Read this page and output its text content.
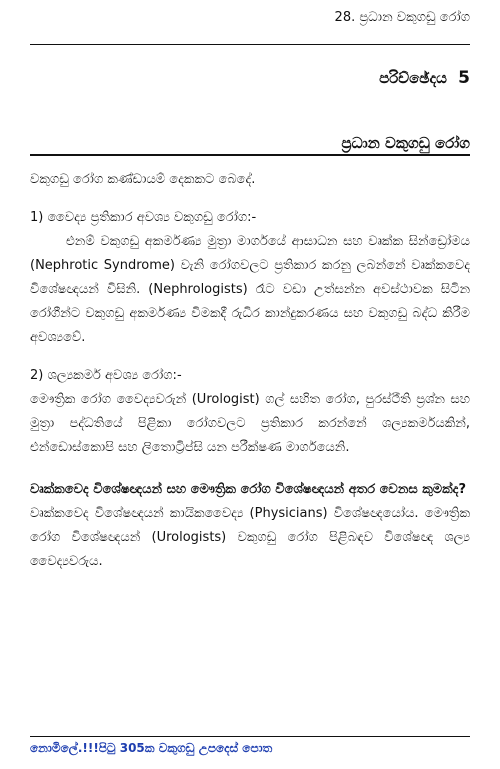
28. ප්‍රධාන වකුගඩු රෝග
පරිච්ඡේදය 5
ප්‍රධාන වකුගඩු රෝග

වකුගඩු රෝග කණ්ඩායම් දෙකකට බෙදේ.

1) වෛද්‍ය ප්‍රතිකාර අවශ්‍ය වකුගඩු රෝග:-

එනම් වකුගඩු අකර්මණ්‍ය මුත්‍රා මාර්ගයේ ආසාධන සහ වෘක්ක සින්ඩ්‍රෝමය (Nephrotic Syndrome) වැනි රෝගවලට ප්‍රතිකාර කරනු ලබන්නේ වෘක්කවෙද විශේෂඥයන් විසිනි. (Nephrologists) රෑට වඩා උත්සන්න අවස්ථාවක සිටින රෝගීන්ට වකුගඩු අකර්මණ්‍ය විමකදී රුධිර කාන්දුකරණය සහ වකුගඩු බද්ධ කිරීම අවශ්‍යවේ.

2) ශල්‍යකර්ම අවශ්‍ය රෝග:-

මෞත්‍රික රෝග වෛද්‍යවරුන් (Urologist) ගල් සහිත රෝග, පුරස්ථීති ප්‍රශ්න සහ මුත්‍රා පද්ධතියේ පිළිකා රෝගවලට ප්‍රතිකාර කරන්නේ ශල්‍යකර්මයකින්, එන්ඩොස්කොපි සහ ලිතොට්‍රිප්සි යන පරීක්ෂණ මාර්ගයෙනි.

වෘක්කවෙද විශේෂඥයන් සහ මෞත්‍රික රෝග විශේෂඥයන් අතර වෙනස කුමක්ද?

වෘක්කවෙද විශේෂඥයන් කායිකවෛද්‍ය (Physicians) විශේෂඥයෝය. මෞත්‍රික රෝග විශේෂඥයන් (Urologists) වකුගඩු රෝග පිළිබඳව විශේෂඥ ශල්‍ය වෛද්‍යවරුය.

නොමිලේ.!!!පිටු 305ක වකුගඩු උපදෙස් පොත
